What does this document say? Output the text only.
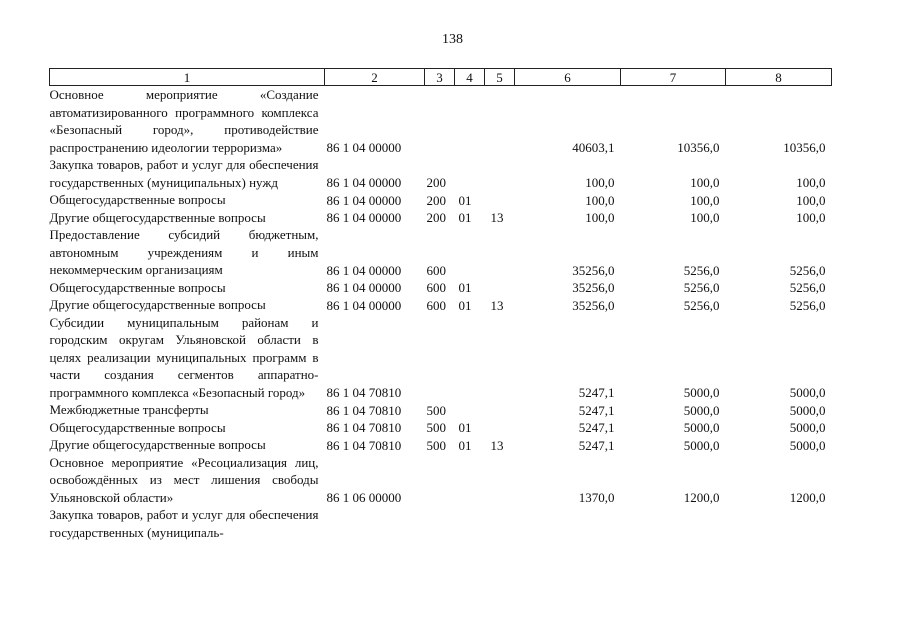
138
1	2	3	4	5	6	7	8
Основное мероприятие «Создание автоматизированного программного комплекса «Безопасный город», противодействие распространению идеологии терроризма»	86 1 04 00000				40603,1	10356,0	10356,0
Закупка товаров, работ и услуг для обеспечения государственных (муниципальных) нужд	86 1 04 00000	200			100,0	100,0	100,0
Общегосударственные вопросы	86 1 04 00000	200	01		100,0	100,0	100,0
Другие общегосударственные вопросы	86 1 04 00000	200	01	13	100,0	100,0	100,0
Предоставление субсидий бюджетным, автономным учреждениям и иным некоммерческим организациям	86 1 04 00000	600			35256,0	5256,0	5256,0
Общегосударственные вопросы	86 1 04 00000	600	01		35256,0	5256,0	5256,0
Другие общегосударственные вопросы	86 1 04 00000	600	01	13	35256,0	5256,0	5256,0
Субсидии муниципальным районам и городским округам Ульяновской области в целях реализации муниципальных программ в части создания сегментов аппаратно-программного комплекса «Безопасный город»	86 1 04 70810				5247,1	5000,0	5000,0
Межбюджетные трансферты	86 1 04 70810	500			5247,1	5000,0	5000,0
Общегосударственные вопросы	86 1 04 70810	500	01		5247,1	5000,0	5000,0
Другие общегосударственные вопросы	86 1 04 70810	500	01	13	5247,1	5000,0	5000,0
Основное мероприятие «Ресоциализация лиц, освобождённых из мест лишения свободы Ульяновской области»	86 1 06 00000				1370,0	1200,0	1200,0
Закупка товаров, работ и услуг для обеспечения государственных (муниципаль-							
